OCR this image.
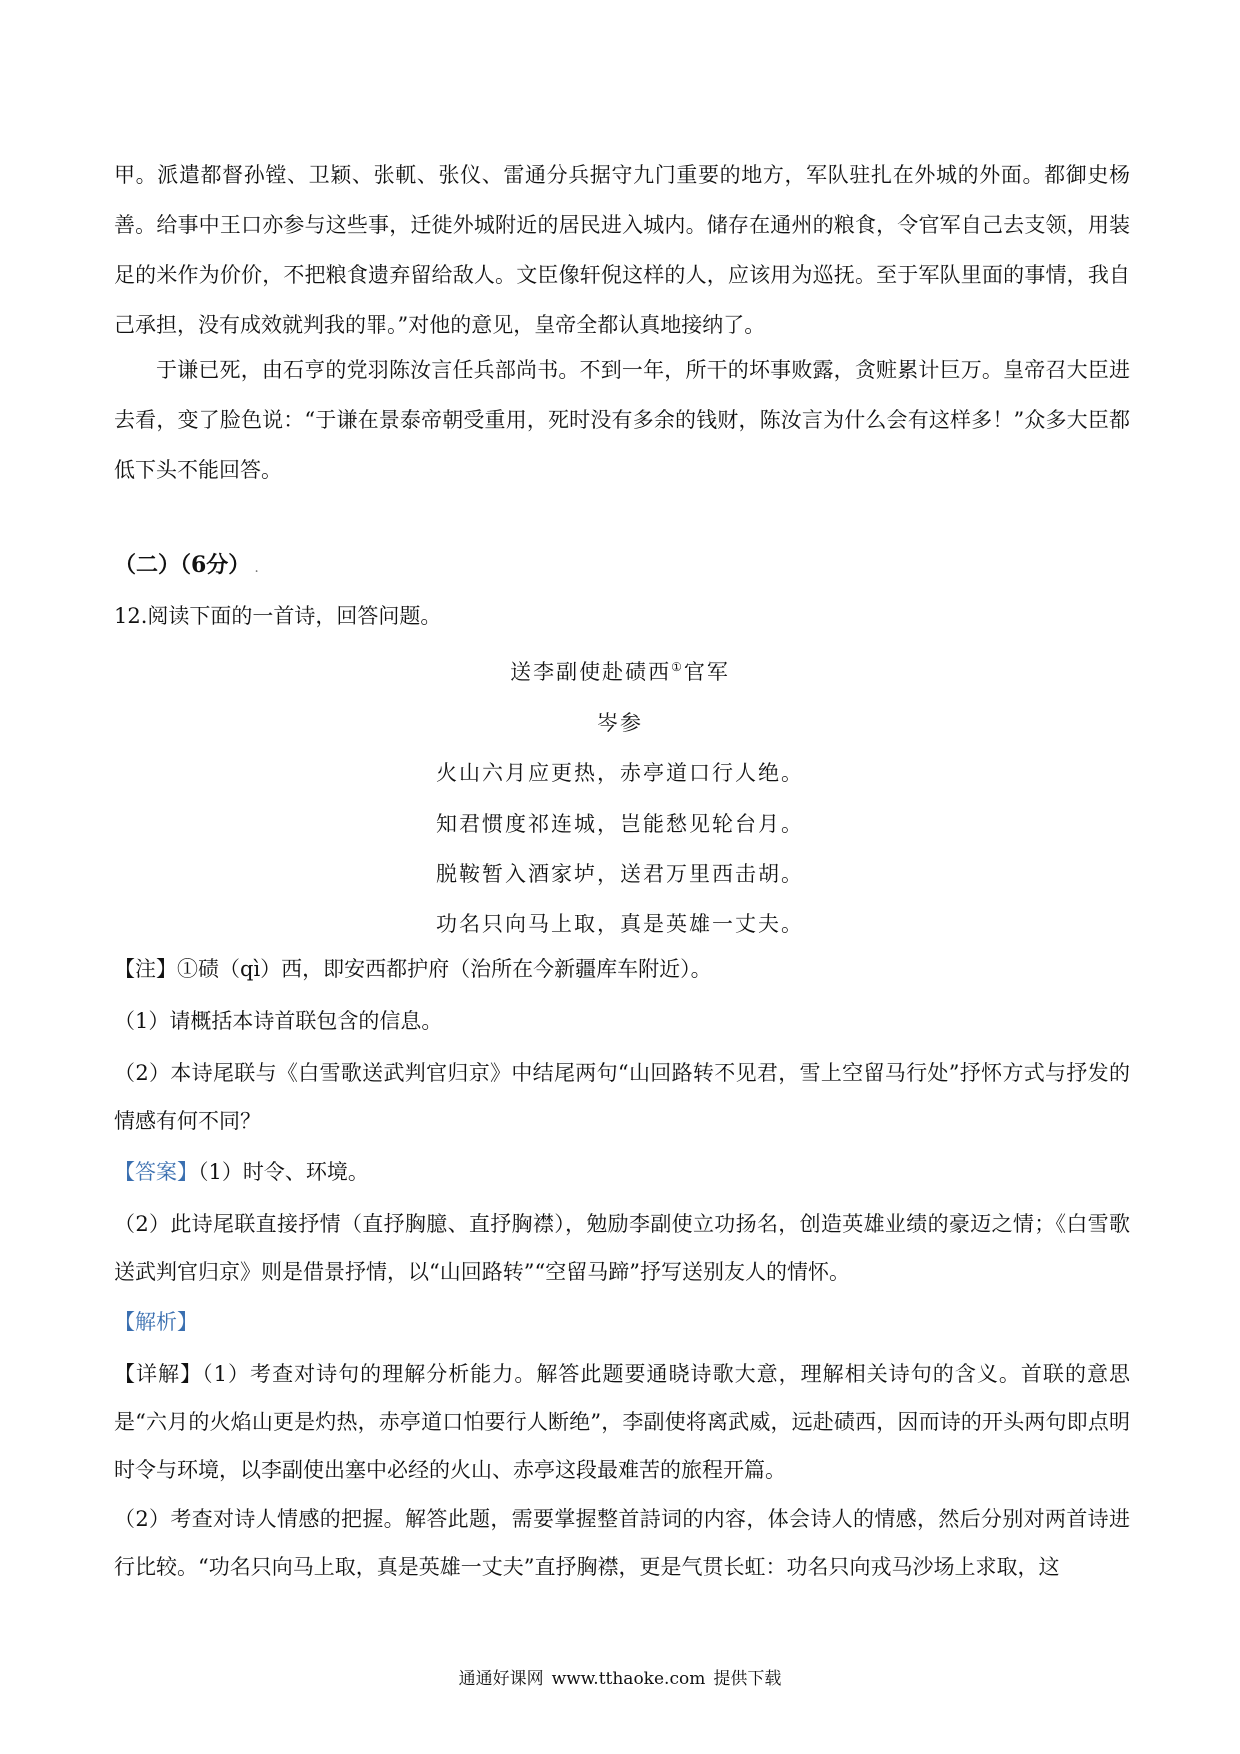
甲。派遣都督孙镗、卫颖、张軏、张仪、雷通分兵据守九门重要的地方，军队驻扎在外城的外面。都御史杨善。给事中王口亦参与这些事，迁徙外城附近的居民进入城内。储存在通州的粮食，令官军自己去支领，用装足的米作为价价，不把粮食遗弃留给敌人。文臣像轩倪这样的人，应该用为巡抚。至于军队里面的事情，我自己承担，没有成效就判我的罪。”对他的意见，皇帝全都认真地接纳了。

于谦已死，由石亨的党羽陈汝言任兵部尚书。不到一年，所干的坏事败露，贪赃累计巨万。皇帝召大臣进去看，变了脸色说：“于谦在景泰帝朝受重用，死时没有多余的钱财，陈汝言为什么会有这样多！”众多大臣都低下头不能回答。

（二）（6分） .

12.阅读下面的一首诗，回答问题。

送李副使赴碛西①官军

岑参

火山六月应更热，赤亭道口行人绝。

知君惯度祁连城，岂能愁见轮台月。

脱鞍暂入酒家垆，送君万里西击胡。

功名只向马上取，真是英雄一丈夫。

【注】①碛（qì）西，即安西都护府（治所在今新疆库车附近）。

（1）请概括本诗首联包含的信息。

（2）本诗尾联与《白雪歌送武判官归京》中结尾两句“山回路转不见君，雪上空留马行处”抒怀方式与抒发的情感有何不同？

【答案】（1）时令、环境。

（2）此诗尾联直接抒情（直抒胸臆、直抒胸襟），勉励李副使立功扬名，创造英雄业绩的豪迈之情；《白雪歌送武判官归京》则是借景抒情，以“山回路转”“空留马蹄”抒写送别友人的情怀。

【解析】

【详解】（1）考查对诗句的理解分析能力。解答此题要通晓诗歌大意，理解相关诗句的含义。首联的意思是“六月的火焰山更是灼热，赤亭道口怕要行人断绝”，李副使将离武威，远赴碛西，因而诗的开头两句即点明时令与环境，以李副使出塞中必经的火山、赤亭这段最难苦的旅程开篇。

（2）考查对诗人情感的把握。解答此题，需要掌握整首詩词的内容，体会诗人的情感，然后分别对两首诗进行比较。“功名只向马上取，真是英雄一丈夫”直抒胸襟，更是气贯长虹：功名只向戎马沙场上求取，这

通通好课网 www.tthaoke.com 提供下载
